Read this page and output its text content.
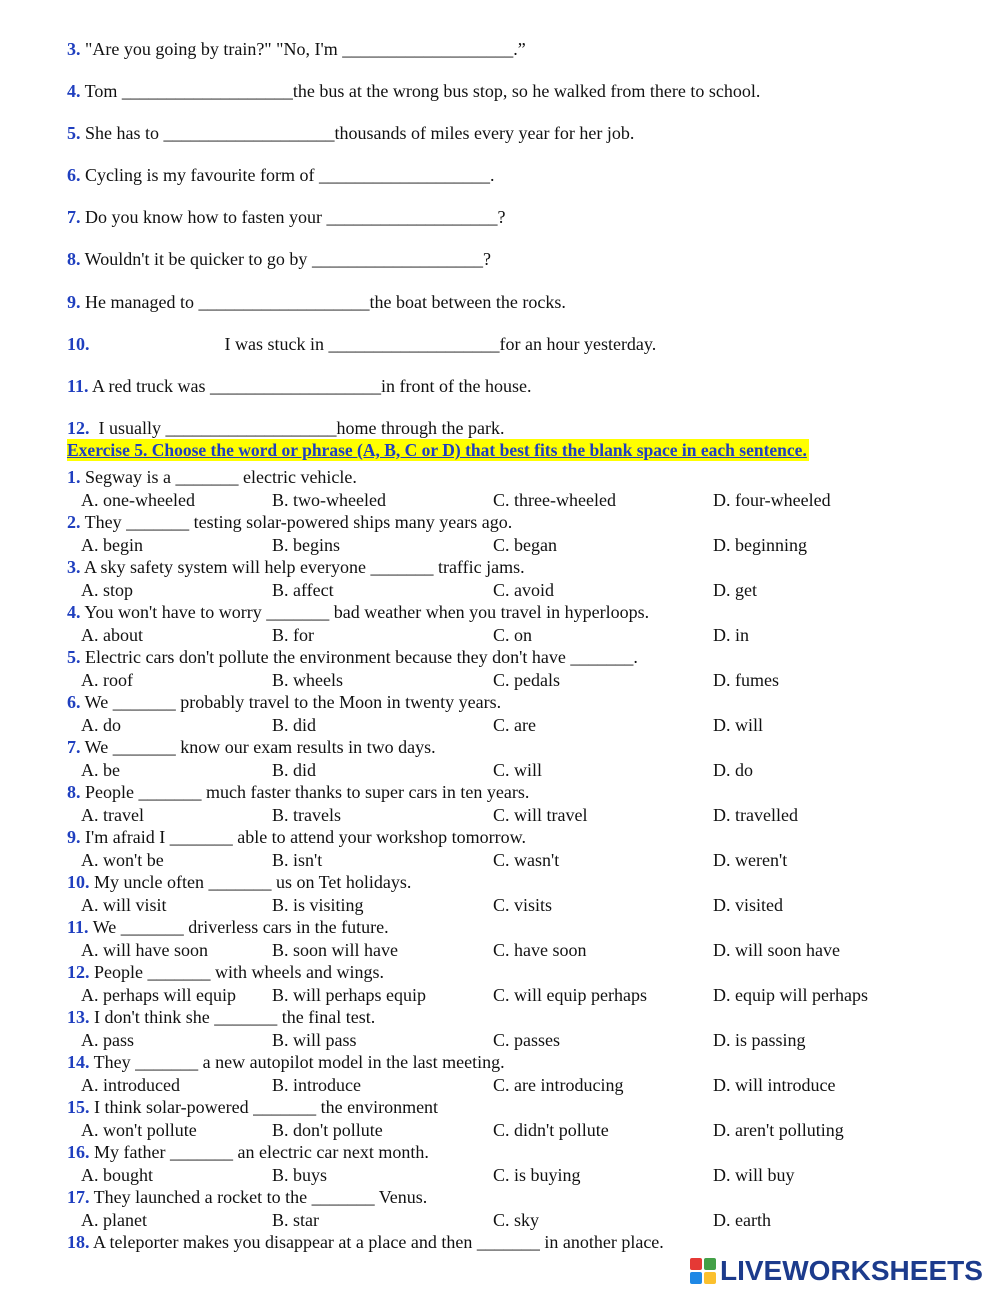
3. "Are you going by train?" "No, I'm ___________________.”
4. Tom ___________________the bus at the wrong bus stop, so he walked from there to school.
5. She has to ___________________thousands of miles every year for her job.
6. Cycling is my favourite form of ___________________.
7. Do you know how to fasten your ___________________?
8. Wouldn't it be quicker to go by ___________________?
9. He managed to ___________________the boat between the rocks.
10.                              I was stuck in ___________________for an hour yesterday.
11. A red truck was ___________________in front of the house.
12.  I usually ___________________home through the park.
Exercise 5. Choose the word or phrase (A, B, C or D) that best fits the blank space in each sentence.
1. Segway is a _______ electric vehicle.
A. one-wheeled	B. two-wheeled	C. three-wheeled	D. four-wheeled
2. They _______ testing solar-powered ships many years ago.
A. begin	B. begins	C. began	D. beginning
3. A sky safety system will help everyone _______ traffic jams.
A. stop	B. affect	C. avoid	D. get
4. You won't have to worry _______ bad weather when you travel in hyperloops.
A. about	B. for	C. on	D. in
5. Electric cars don't pollute the environment because they don't have _______.
A. roof	B. wheels	C. pedals	D. fumes
6. We _______ probably travel to the Moon in twenty years.
A. do	B. did	C. are	D. will
7. We _______ know our exam results in two days.
A. be	B. did	C. will	D. do
8. People _______ much faster thanks to super cars in ten years.
A. travel	B. travels	C. will travel	D. travelled
9. I'm afraid I _______ able to attend your workshop tomorrow.
A. won't be	B. isn't	C. wasn't	D. weren't
10. My uncle often _______ us on Tet holidays.
A. will visit	B. is visiting	C. visits	D. visited
11. We _______ driverless cars in the future.
A. will have soon	B. soon will have	C. have soon	D. will soon have
12. People _______ with wheels and wings.
A. perhaps will equip B. will perhaps equip	C. will equip perhaps	D. equip will perhaps
13. I don't think she _______ the final test.
A. pass	B. will pass	C. passes	D. is passing
14. They _______ a new autopilot model in the last meeting.
A. introduced	B. introduce	C. are introducing	D. will introduce
15. I think solar-powered _______ the environment
A. won't pollute	B. don't pollute	C. didn't pollute	D. aren't polluting
16. My father _______ an electric car next month.
A. bought	B. buys	C. is buying	D. will buy
17. They launched a rocket to the _______ Venus.
A. planet	B. star	C. sky	D. earth
18. A teleporter makes you disappear at a place and then _______ in another place.
LIVEWORKSHEETS
